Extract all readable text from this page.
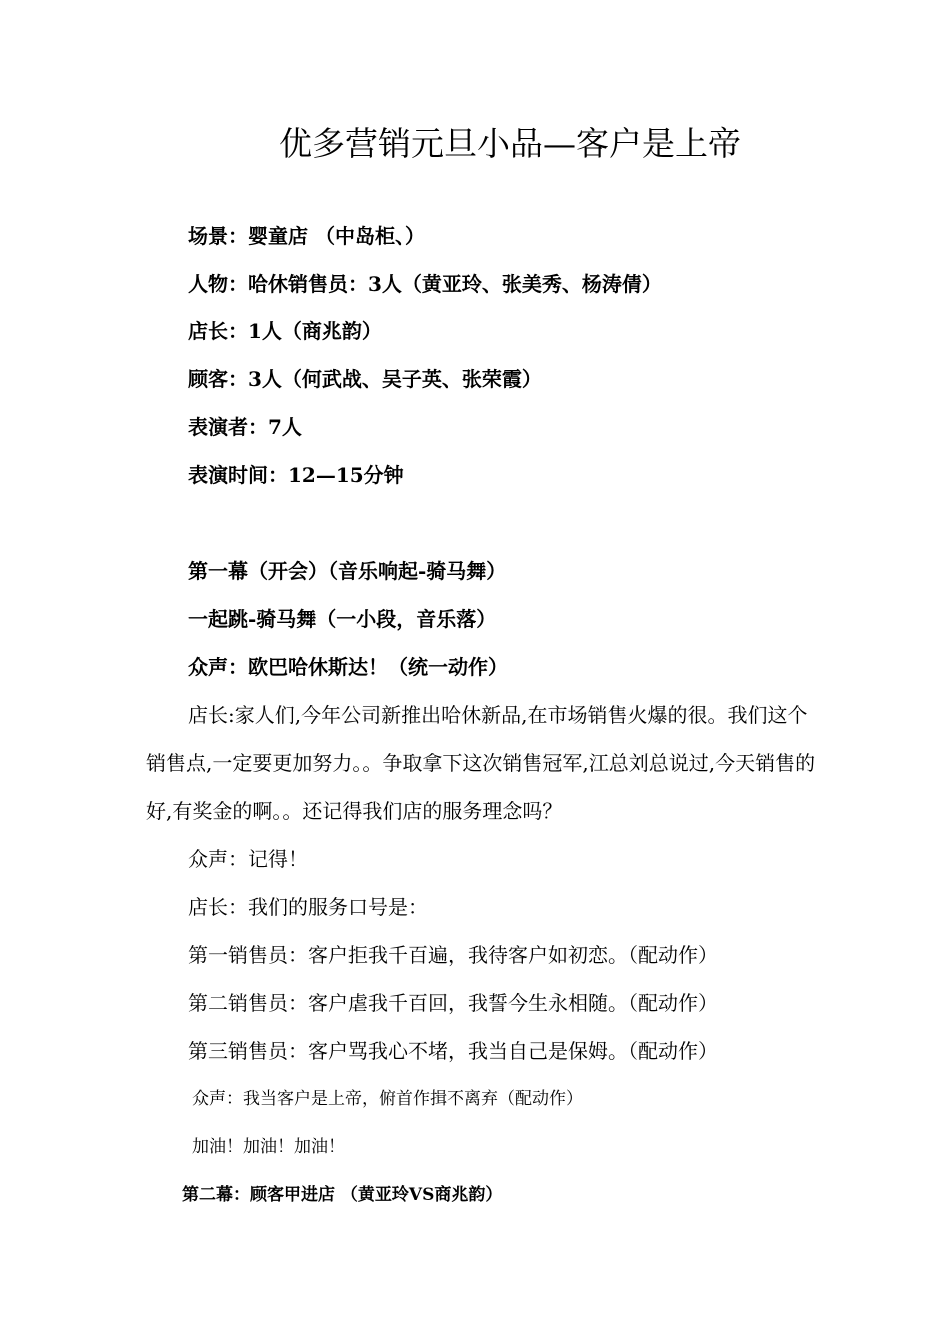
优多营销元旦小品—客户是上帝
场景：婴童店 （中岛柜、）
人物：哈休销售员：3人（黄亚玲、张美秀、杨涛倩）
店长：1人（商兆韵）
顾客：3人（何武战、吴子英、张荣霞）
表演者：7人
表演时间：12—15分钟
第一幕（开会）（音乐响起-骑马舞）
一起跳-骑马舞（一小段，音乐落）
众声：欧巴哈休斯达！（统一动作）
店长:家人们,今年公司新推出哈休新品,在市场销售火爆的很。我们这个销售点,一定要更加努力。。争取拿下这次销售冠军,江总刘总说过,今天销售的好,有奖金的啊。。还记得我们店的服务理念吗？
众声：记得！
店长：我们的服务口号是：
第一销售员：客户拒我千百遍，我待客户如初恋。（配动作）
第二销售员：客户虐我千百回，我誓今生永相随。（配动作）
第三销售员：客户骂我心不堵，我当自己是保姆。（配动作）
众声：我当客户是上帝，俯首作揖不离弃（配动作）
加油！加油！加油！
第二幕：顾客甲进店 （黄亚玲VS商兆韵）
